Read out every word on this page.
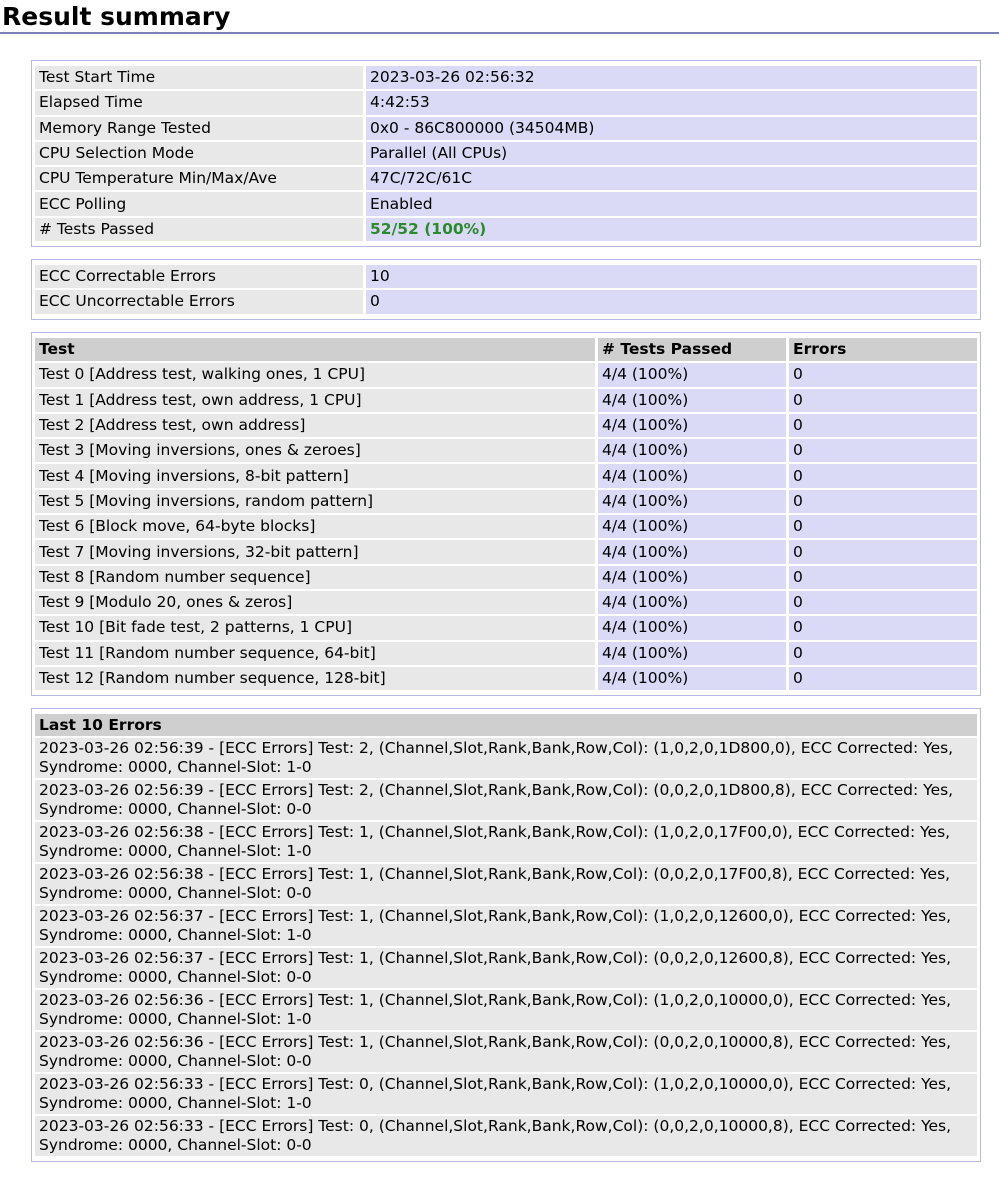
Result summary
Test Start Time	2023-03-26 02:56:32
Elapsed Time	4:42:53
Memory Range Tested	0x0 - 86C800000 (34504MB)
CPU Selection Mode	Parallel (All CPUs)
CPU Temperature Min/Max/Ave	47C/72C/61C
ECC Polling	Enabled
# Tests Passed	52/52 (100%)
ECC Correctable Errors	10
ECC Uncorrectable Errors	0
Test	# Tests Passed	Errors
Test 0 [Address test, walking ones, 1 CPU]	4/4 (100%)	0
Test 1 [Address test, own address, 1 CPU]	4/4 (100%)	0
Test 2 [Address test, own address]	4/4 (100%)	0
Test 3 [Moving inversions, ones & zeroes]	4/4 (100%)	0
Test 4 [Moving inversions, 8-bit pattern]	4/4 (100%)	0
Test 5 [Moving inversions, random pattern]	4/4 (100%)	0
Test 6 [Block move, 64-byte blocks]	4/4 (100%)	0
Test 7 [Moving inversions, 32-bit pattern]	4/4 (100%)	0
Test 8 [Random number sequence]	4/4 (100%)	0
Test 9 [Modulo 20, ones & zeros]	4/4 (100%)	0
Test 10 [Bit fade test, 2 patterns, 1 CPU]	4/4 (100%)	0
Test 11 [Random number sequence, 64-bit]	4/4 (100%)	0
Test 12 [Random number sequence, 128-bit]	4/4 (100%)	0
Last 10 Errors
2023-03-26 02:56:39 - [ECC Errors] Test: 2, (Channel,Slot,Rank,Bank,Row,Col): (1,0,2,0,1D800,0), ECC Corrected: Yes, Syndrome: 0000, Channel-Slot: 1-0
2023-03-26 02:56:39 - [ECC Errors] Test: 2, (Channel,Slot,Rank,Bank,Row,Col): (0,0,2,0,1D800,8), ECC Corrected: Yes, Syndrome: 0000, Channel-Slot: 0-0
2023-03-26 02:56:38 - [ECC Errors] Test: 1, (Channel,Slot,Rank,Bank,Row,Col): (1,0,2,0,17F00,0), ECC Corrected: Yes, Syndrome: 0000, Channel-Slot: 1-0
2023-03-26 02:56:38 - [ECC Errors] Test: 1, (Channel,Slot,Rank,Bank,Row,Col): (0,0,2,0,17F00,8), ECC Corrected: Yes, Syndrome: 0000, Channel-Slot: 0-0
2023-03-26 02:56:37 - [ECC Errors] Test: 1, (Channel,Slot,Rank,Bank,Row,Col): (1,0,2,0,12600,0), ECC Corrected: Yes, Syndrome: 0000, Channel-Slot: 1-0
2023-03-26 02:56:37 - [ECC Errors] Test: 1, (Channel,Slot,Rank,Bank,Row,Col): (0,0,2,0,12600,8), ECC Corrected: Yes, Syndrome: 0000, Channel-Slot: 0-0
2023-03-26 02:56:36 - [ECC Errors] Test: 1, (Channel,Slot,Rank,Bank,Row,Col): (1,0,2,0,10000,0), ECC Corrected: Yes, Syndrome: 0000, Channel-Slot: 1-0
2023-03-26 02:56:36 - [ECC Errors] Test: 1, (Channel,Slot,Rank,Bank,Row,Col): (0,0,2,0,10000,8), ECC Corrected: Yes, Syndrome: 0000, Channel-Slot: 0-0
2023-03-26 02:56:33 - [ECC Errors] Test: 0, (Channel,Slot,Rank,Bank,Row,Col): (1,0,2,0,10000,0), ECC Corrected: Yes, Syndrome: 0000, Channel-Slot: 1-0
2023-03-26 02:56:33 - [ECC Errors] Test: 0, (Channel,Slot,Rank,Bank,Row,Col): (0,0,2,0,10000,8), ECC Corrected: Yes, Syndrome: 0000, Channel-Slot: 0-0
